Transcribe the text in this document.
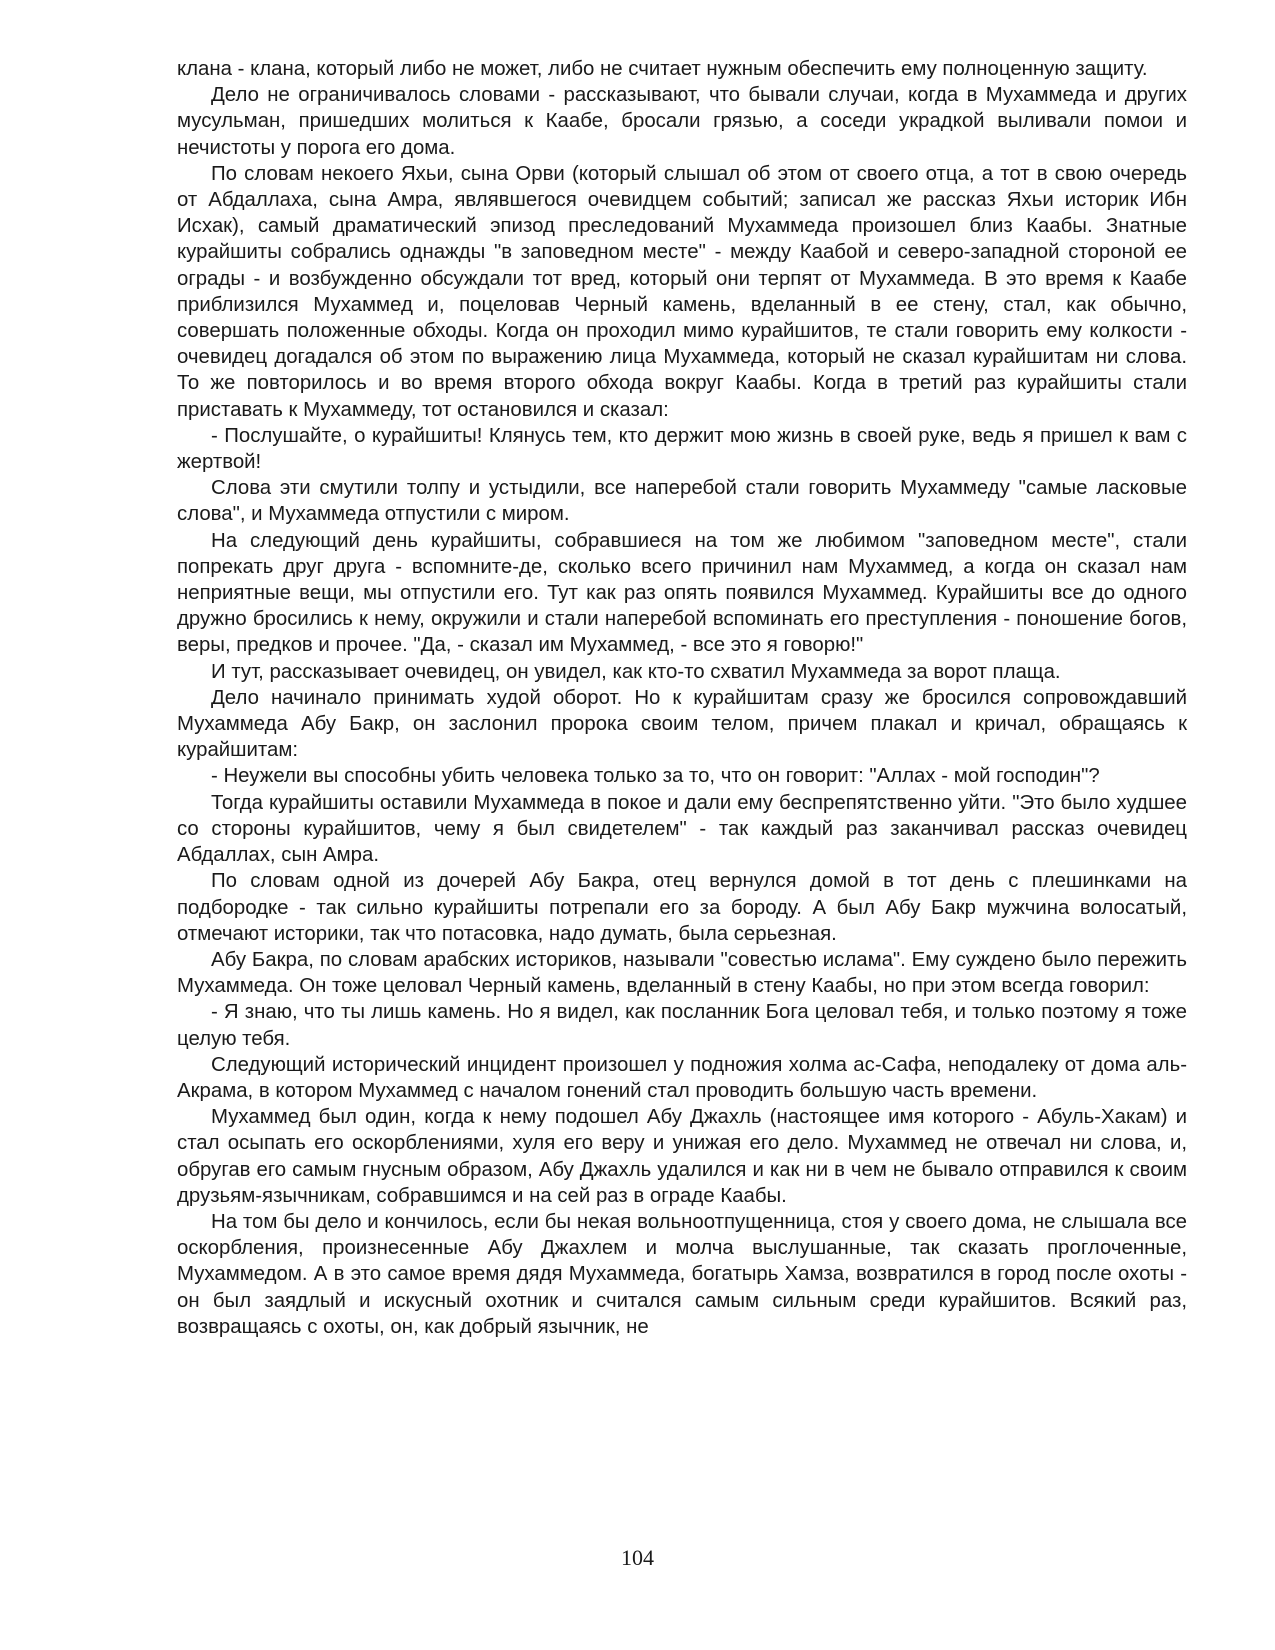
клана - клана, который либо не может, либо не считает нужным обеспечить ему полноценную защиту.

Дело не ограничивалось словами - рассказывают, что бывали случаи, когда в Мухаммеда и других мусульман, пришедших молиться к Каабе, бросали грязью, а соседи украдкой выливали помои и нечистоты у порога его дома.

По словам некоего Яхьи, сына Орви (который слышал об этом от своего отца, а тот в свою очередь от Абдаллаха, сына Амра, являвшегося очевидцем событий; записал же рассказ Яхьи историк Ибн Исхак), самый драматический эпизод преследований Мухаммеда произошел близ Каабы. Знатные курайшиты собрались однажды "в заповедном месте" - между Каабой и северо-западной стороной ее ограды - и возбужденно обсуждали тот вред, который они терпят от Мухаммеда. В это время к Каабе приблизился Мухаммед и, поцеловав Черный камень, вделанный в ее стену, стал, как обычно, совершать положенные обходы. Когда он проходил мимо курайшитов, те стали говорить ему колкости - очевидец догадался об этом по выражению лица Мухаммеда, который не сказал курайшитам ни слова. То же повторилось и во время второго обхода вокруг Каабы. Когда в третий раз курайшиты стали приставать к Мухаммеду, тот остановился и сказал:

- Послушайте, о курайшиты! Клянусь тем, кто держит мою жизнь в своей руке, ведь я пришел к вам с жертвой!

Слова эти смутили толпу и устыдили, все наперебой стали говорить Мухаммеду "самые ласковые слова", и Мухаммеда отпустили с миром.

На следующий день курайшиты, собравшиеся на том же любимом "заповедном месте", стали попрекать друг друга - вспомните-де, сколько всего причинил нам Мухаммед, а когда он сказал нам неприятные вещи, мы отпустили его. Тут как раз опять появился Мухаммед. Курайшиты все до одного дружно бросились к нему, окружили и стали наперебой вспоминать его преступления - поношение богов, веры, предков и прочее. "Да, - сказал им Мухаммед, - все это я говорю!"

И тут, рассказывает очевидец, он увидел, как кто-то схватил Мухаммеда за ворот плаща.

Дело начинало принимать худой оборот. Но к курайшитам сразу же бросился сопровождавший Мухаммеда Абу Бакр, он заслонил пророка своим телом, причем плакал и кричал, обращаясь к курайшитам:

- Неужели вы способны убить человека только за то, что он говорит: "Аллах - мой господин"?

Тогда курайшиты оставили Мухаммеда в покое и дали ему беспрепятственно уйти. "Это было худшее со стороны курайшитов, чему я был свидетелем" - так каждый раз заканчивал рассказ очевидец Абдаллах, сын Амра.

По словам одной из дочерей Абу Бакра, отец вернулся домой в тот день с плешинками на подбородке - так сильно курайшиты потрепали его за бороду. А был Абу Бакр мужчина волосатый, отмечают историки, так что потасовка, надо думать, была серьезная.

Абу Бакра, по словам арабских историков, называли "совестью ислама". Ему суждено было пережить Мухаммеда. Он тоже целовал Черный камень, вделанный в стену Каабы, но при этом всегда говорил:

- Я знаю, что ты лишь камень. Но я видел, как посланник Бога целовал тебя, и только поэтому я тоже целую тебя.

Следующий исторический инцидент произошел у подножия холма ас-Сафа, неподалеку от дома аль-Акрама, в котором Мухаммед с началом гонений стал проводить большую часть времени.

Мухаммед был один, когда к нему подошел Абу Джахль (настоящее имя которого - Абуль-Хакам) и стал осыпать его оскорблениями, хуля его веру и унижая его дело. Мухаммед не отвечал ни слова, и, обругав его самым гнусным образом, Абу Джахль удалился и как ни в чем не бывало отправился к своим друзьям-язычникам, собравшимся и на сей раз в ограде Каабы.

На том бы дело и кончилось, если бы некая вольноотпущенница, стоя у своего дома, не слышала все оскорбления, произнесенные Абу Джахлем и молча выслушанные, так сказать проглоченные, Мухаммедом. А в это самое время дядя Мухаммеда, богатырь Хамза, возвратился в город после охоты - он был заядлый и искусный охотник и считался самым сильным среди курайшитов. Всякий раз, возвращаясь с охоты, он, как добрый язычник, не

104
